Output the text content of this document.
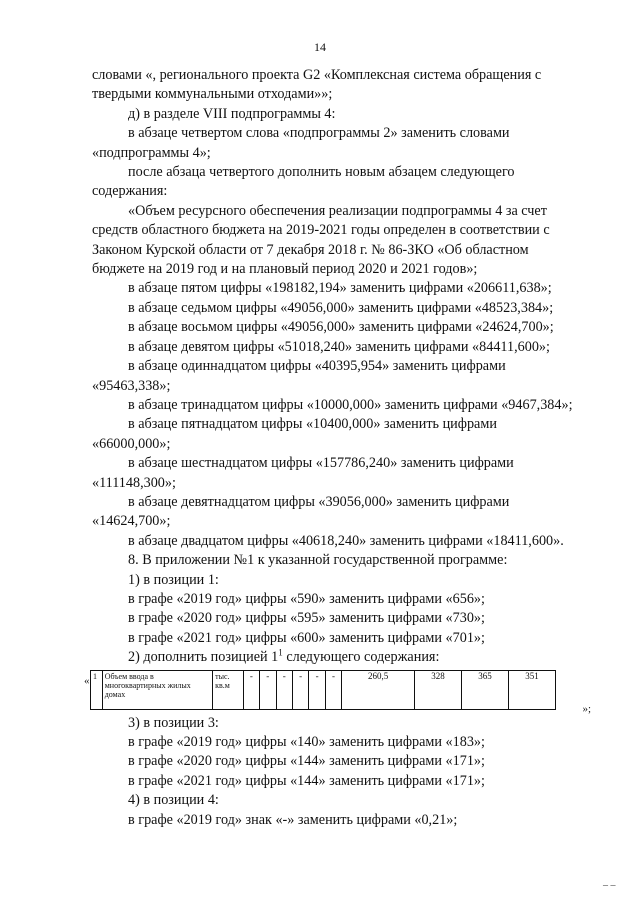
14

словами «, регионального проекта G2 «Комплексная система обращения с твердыми коммунальными отходами»»;

д) в разделе VIII подпрограммы 4:

в абзаце четвертом слова «подпрограммы 2» заменить словами «подпрограммы 4»;

после абзаца четвертого дополнить новым абзацем следующего содержания:

«Объем ресурсного обеспечения реализации подпрограммы 4 за счет средств областного бюджета на 2019-2021 годы определен в соответствии с Законом Курской области от 7 декабря 2018 г. № 86-ЗКО «Об областном бюджете на 2019 год и на плановый период 2020 и 2021 годов»;

в абзаце пятом цифры «198182,194» заменить цифрами «206611,638»;

в абзаце седьмом цифры «49056,000» заменить цифрами «48523,384»;

в абзаце восьмом цифры «49056,000» заменить цифрами «24624,700»;

в абзаце девятом цифры «51018,240» заменить цифрами «84411,600»;

в абзаце одиннадцатом цифры «40395,954» заменить цифрами «95463,338»;

в абзаце тринадцатом цифры «10000,000» заменить цифрами «9467,384»;

в абзаце пятнадцатом цифры «10400,000» заменить цифрами «66000,000»;

в абзаце шестнадцатом цифры «157786,240» заменить цифрами «111148,300»;

в абзаце девятнадцатом цифры «39056,000» заменить цифрами «14624,700»;

в абзаце двадцатом цифры «40618,240» заменить цифрами «18411,600».

8. В приложении №1 к указанной государственной программе:

1) в позиции 1:

в графе «2019 год» цифры «590» заменить цифрами «656»;

в графе «2020 год» цифры «595» заменить цифрами «730»;

в графе «2021 год» цифры «600» заменить цифрами «701»;

2) дополнить позицией $1^1$ следующего содержания:

« 1	Объем ввода в многоквартирных жилых домах	тыс. кв.м	-	-	-	-	-	-	260,5	328	365	351
»;

3) в позиции 3:

в графе «2019 год» цифры «140» заменить цифрами «183»;

в графе «2020 год» цифры «144» заменить цифрами «171»;

в графе «2021 год» цифры «144» заменить цифрами «171»;

4) в позиции 4:

в графе «2019 год» знак «-» заменить цифрами «0,21»;

– –
